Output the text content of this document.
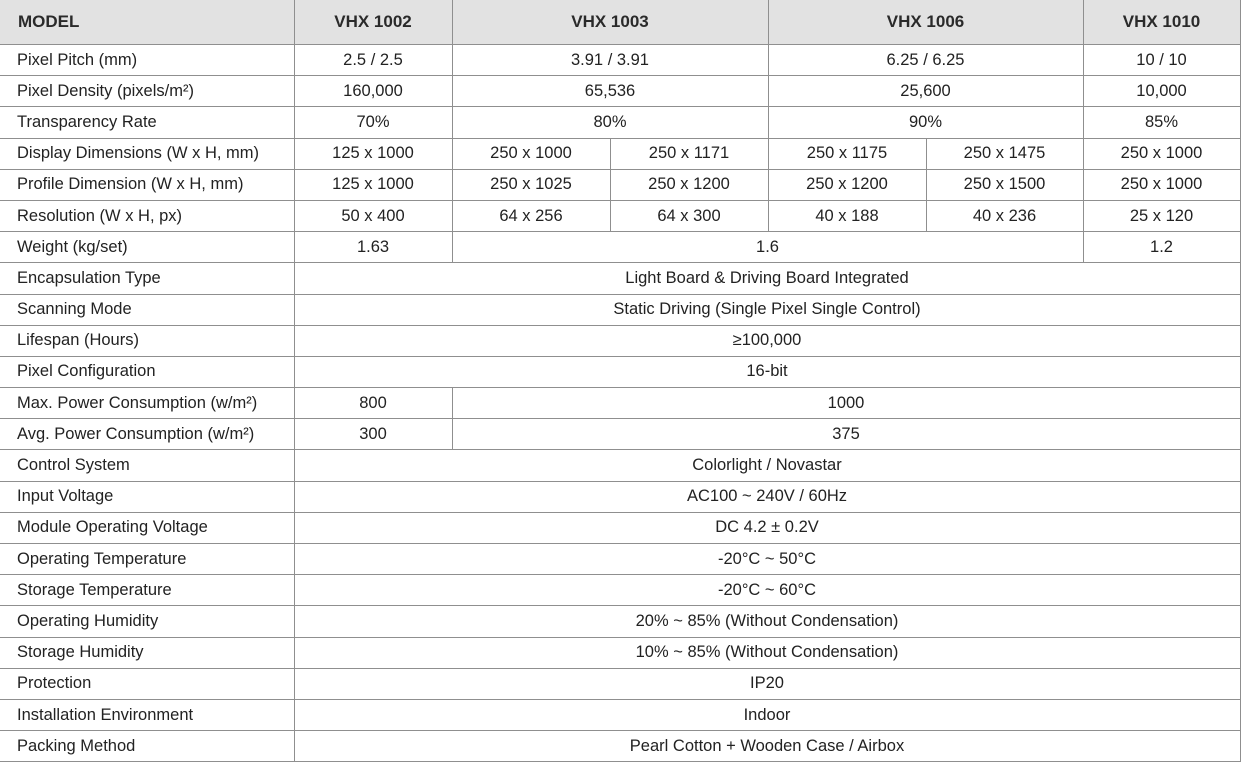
MODEL	VHX 1002	VHX 1003		VHX 1006		VHX 1010
Pixel Pitch (mm)	2.5 / 2.5	3.91 / 3.91		6.25 / 6.25		10 / 10
Pixel Density (pixels/m²)	160,000	65,536		25,600		10,000
Transparency Rate	70%	80%		90%		85%
Display Dimensions (W x H, mm)	125 x 1000	250 x 1000	250 x 1171	250 x 1175	250 x 1475	250 x 1000
Profile Dimension (W x H, mm)	125 x 1000	250 x 1025	250 x 1200	250 x 1200	250 x 1500	250 x 1000
Resolution (W x H, px)	50 x 400	64 x 256	64 x 300	40 x 188	40 x 236	25 x 120
Weight (kg/set)	1.63	1.6				1.2
Encapsulation Type	Light Board & Driving Board Integrated					
Scanning Mode	Static Driving (Single Pixel Single Control)					
Lifespan (Hours)	≥100,000					
Pixel Configuration	16-bit					
Max. Power Consumption (w/m²)	800	1000				
Avg. Power Consumption (w/m²)	300	375				
Control System	Colorlight / Novastar					
Input Voltage	AC100 ~ 240V / 60Hz					
Module Operating Voltage	DC 4.2 ± 0.2V					
Operating Temperature	-20°C ~ 50°C					
Storage Temperature	-20°C ~ 60°C					
Operating Humidity	20% ~ 85% (Without Condensation)					
Storage Humidity	10% ~ 85% (Without Condensation)					
Protection	IP20					
Installation Environment	Indoor					
Packing Method	Pearl Cotton + Wooden Case / Airbox					
